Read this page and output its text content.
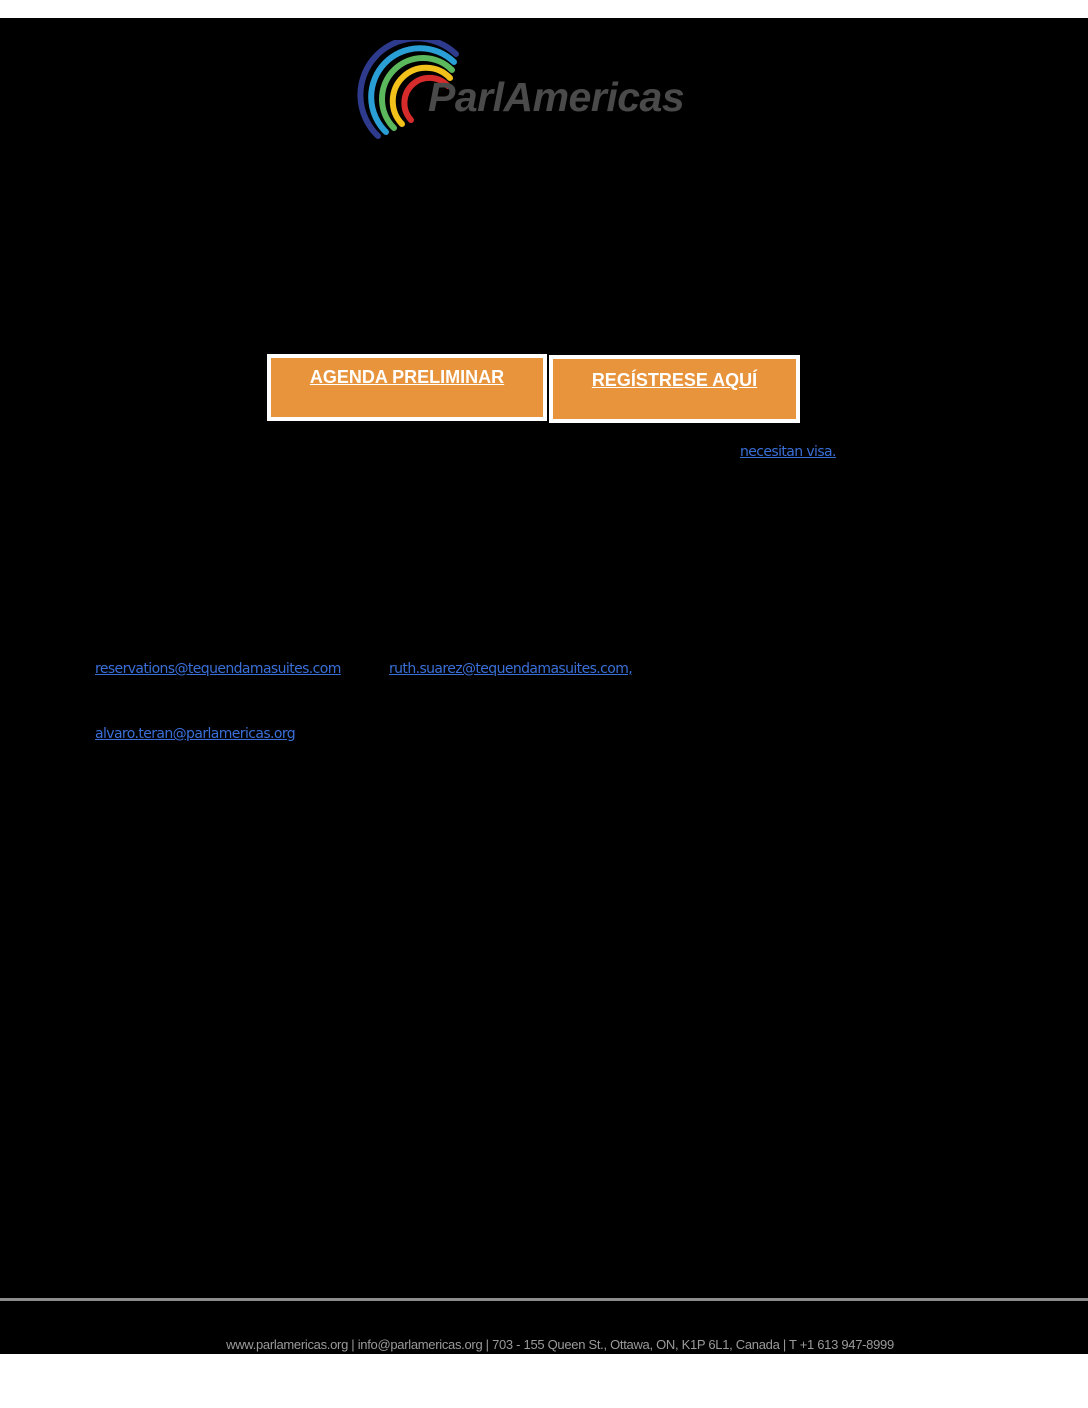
ParlAmericas
AGENDA PRELIMINAR	REGÍSTRESE AQUÍ
necesitan visa.
reservations@tequendamasuites.com	ruth.suarez@tequendamasuites.com,
alvaro.teran@parlamericas.org
www.parlamericas.org | info@parlamericas.org | 703 - 155 Queen St., Ottawa, ON, K1P 6L1, Canada | T +1 613 947-8999
